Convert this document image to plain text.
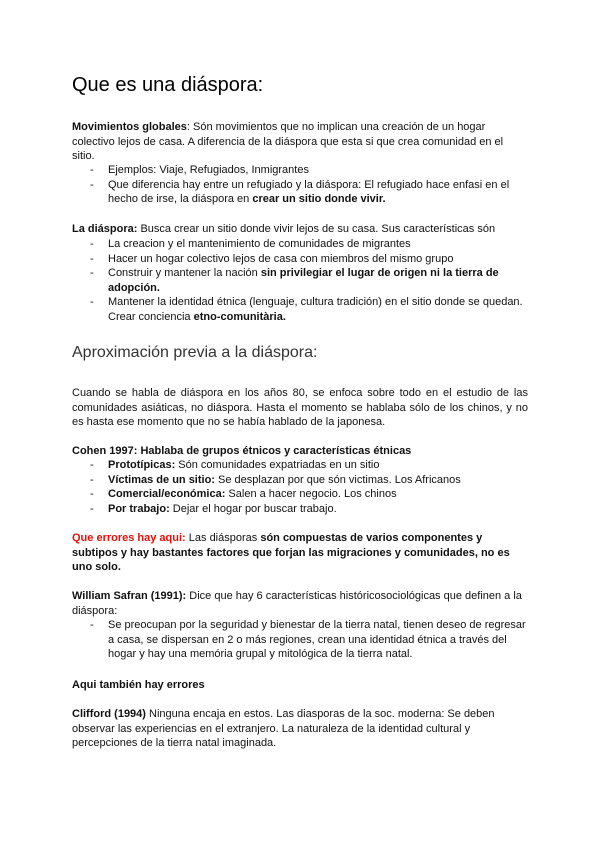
Que es una diáspora:
Movimientos globales: Són movimientos que no implican una creación de un hogar colectivo lejos de casa. A diferencia de la diáspora que esta si que crea comunidad en el sitio.
- Ejemplos: Viaje, Refugiados, Inmigrantes
- Que diferencia hay entre un refugiado y la diáspora: El refugiado hace enfasi en el hecho de irse, la diáspora en crear un sitio donde vivir.
La diáspora: Busca crear un sitio donde vivir lejos de su casa. Sus características són
- La creacion y el mantenimiento de comunidades de migrantes
- Hacer un hogar colectivo lejos de casa con miembros del mismo grupo
- Construir y mantener la nación sin privilegiar el lugar de origen ni la tierra de adopción.
- Mantener la identidad étnica (lenguaje, cultura tradición) en el sitio donde se quedan. Crear conciencia etno-comunitària.
Aproximación previa a la diáspora:
Cuando se habla de diáspora en los años 80, se enfoca sobre todo en el estudio de las comunidades asiáticas, no diáspora. Hasta el momento se hablaba sólo de los chinos, y no es hasta ese momento que no se había hablado de la japonesa.
Cohen 1997: Hablaba de grupos étnicos y características étnicas
- Prototípicas: Són comunidades expatriadas en un sitio
- Víctimas de un sitio: Se desplazan por que són victimas. Los Africanos
- Comercial/económica: Salen a hacer negocio. Los chinos
- Por trabajo: Dejar el hogar por buscar trabajo.
Que errores hay aqui: Las diásporas són compuestas de varios componentes y subtipos y hay bastantes factores que forjan las migraciones y comunidades, no es uno solo.
William Safran (1991): Dice que hay 6 características históricosociológicas que definen a la diáspora:
- Se preocupan por la seguridad y bienestar de la tierra natal, tienen deseo de regresar a casa, se dispersan en 2 o más regiones, crean una identidad étnica a través del hogar y hay una memória grupal y mitológica de la tierra natal.
Aqui también hay errores
Clifford (1994) Ninguna encaja en estos. Las diasporas de la soc. moderna: Se deben observar las experiencias en el extranjero. La naturaleza de la identidad cultural y percepciones de la tierra natal imaginada.
